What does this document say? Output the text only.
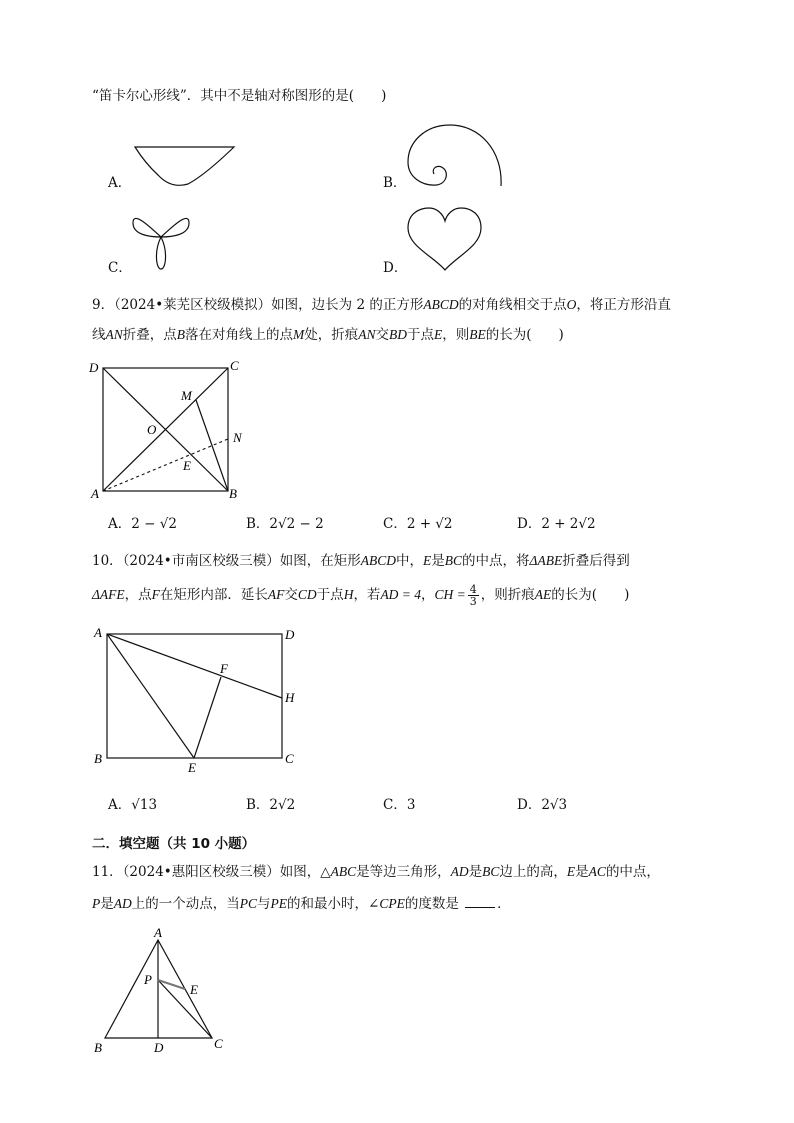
“笛卡尔心形线”．其中不是轴对称图形的是(　　)
A．	B．
C．	D．
9．（2024•莱芜区校级模拟）如图，边长为 2 的正方形ABCD的对角线相交于点O，将正方形沿直
线AN折叠，点B落在对角线上的点M处，折痕AN交BD于点E，则BE的长为(　　)
D	C
M
O
N
E
A	B
A．2 − √2	B．2√2 − 2	C．2 + √2	D．2 + 2√2
10．（2024•市南区校级三模）如图，在矩形ABCD中，E是BC的中点，将ΔABE折叠后得到
ΔAFE，点F在矩形内部．延长AF交CD于点H，若AD = 4，CH = $\frac{4}{3}$ ，则折痕AE的长为(　　)
A	D
F
H
B
E
C
A．√13	B．2√2	C．3	D．2√3
二．填空题（共 10 小题）
11．（2024•惠阳区校级三模）如图，△ABC是等边三角形，AD是BC边上的高，E是AC的中点，
P是AD上的一个动点，当PC与PE的和最小时，∠CPE的度数是	．
A
P
E
B	D	C
